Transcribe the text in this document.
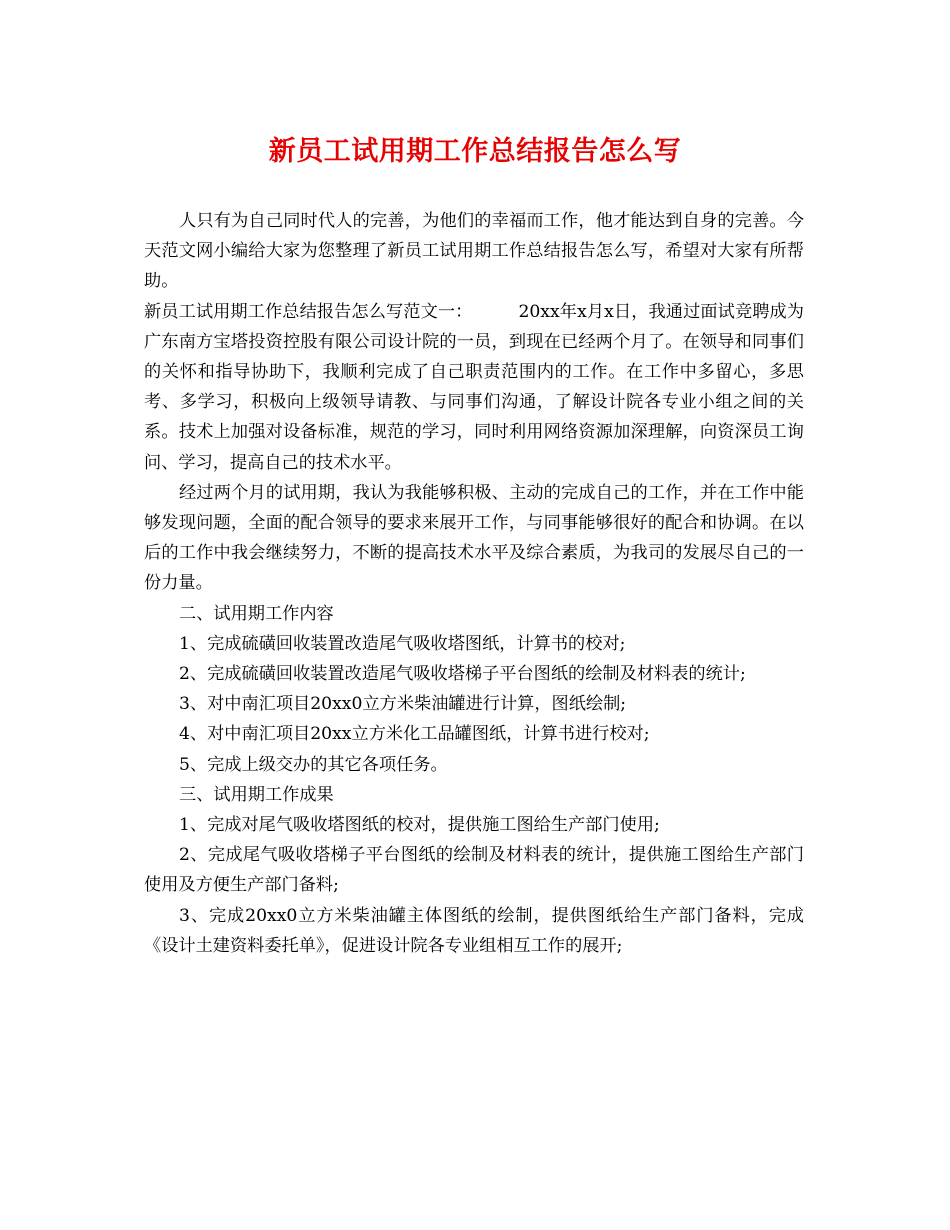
新员工试用期工作总结报告怎么写

人只有为自己同时代人的完善，为他们的幸福而工作，他才能达到自身的完善。今天范文网小编给大家为您整理了新员工试用期工作总结报告怎么写，希望对大家有所帮助。

新员工试用期工作总结报告怎么写范文一：	20xx年x月x日，我通过面试竞聘成为广东南方宝塔投资控股有限公司设计院的一员，到现在已经两个月了。在领导和同事们的关怀和指导协助下，我顺利完成了自己职责范围内的工作。在工作中多留心，多思考、多学习，积极向上级领导请教、与同事们沟通，了解设计院各专业小组之间的关系。技术上加强对设备标准，规范的学习，同时利用网络资源加深理解，向资深员工询问、学习，提高自己的技术水平。

经过两个月的试用期，我认为我能够积极、主动的完成自己的工作，并在工作中能够发现问题，全面的配合领导的要求来展开工作，与同事能够很好的配合和协调。在以后的工作中我会继续努力，不断的提高技术水平及综合素质，为我司的发展尽自己的一份力量。

二、试用期工作内容

1、完成硫磺回收装置改造尾气吸收塔图纸，计算书的校对;

2、完成硫磺回收装置改造尾气吸收塔梯子平台图纸的绘制及材料表的统计;

3、对中南汇项目20xx0立方米柴油罐进行计算，图纸绘制;

4、对中南汇项目20xx立方米化工品罐图纸，计算书进行校对;

5、完成上级交办的其它各项任务。

三、试用期工作成果

1、完成对尾气吸收塔图纸的校对，提供施工图给生产部门使用;

2、完成尾气吸收塔梯子平台图纸的绘制及材料表的统计，提供施工图给生产部门使用及方便生产部门备料;

3、完成20xx0立方米柴油罐主体图纸的绘制，提供图纸给生产部门备料，完成《设计土建资料委托单》，促进设计院各专业组相互工作的展开;
